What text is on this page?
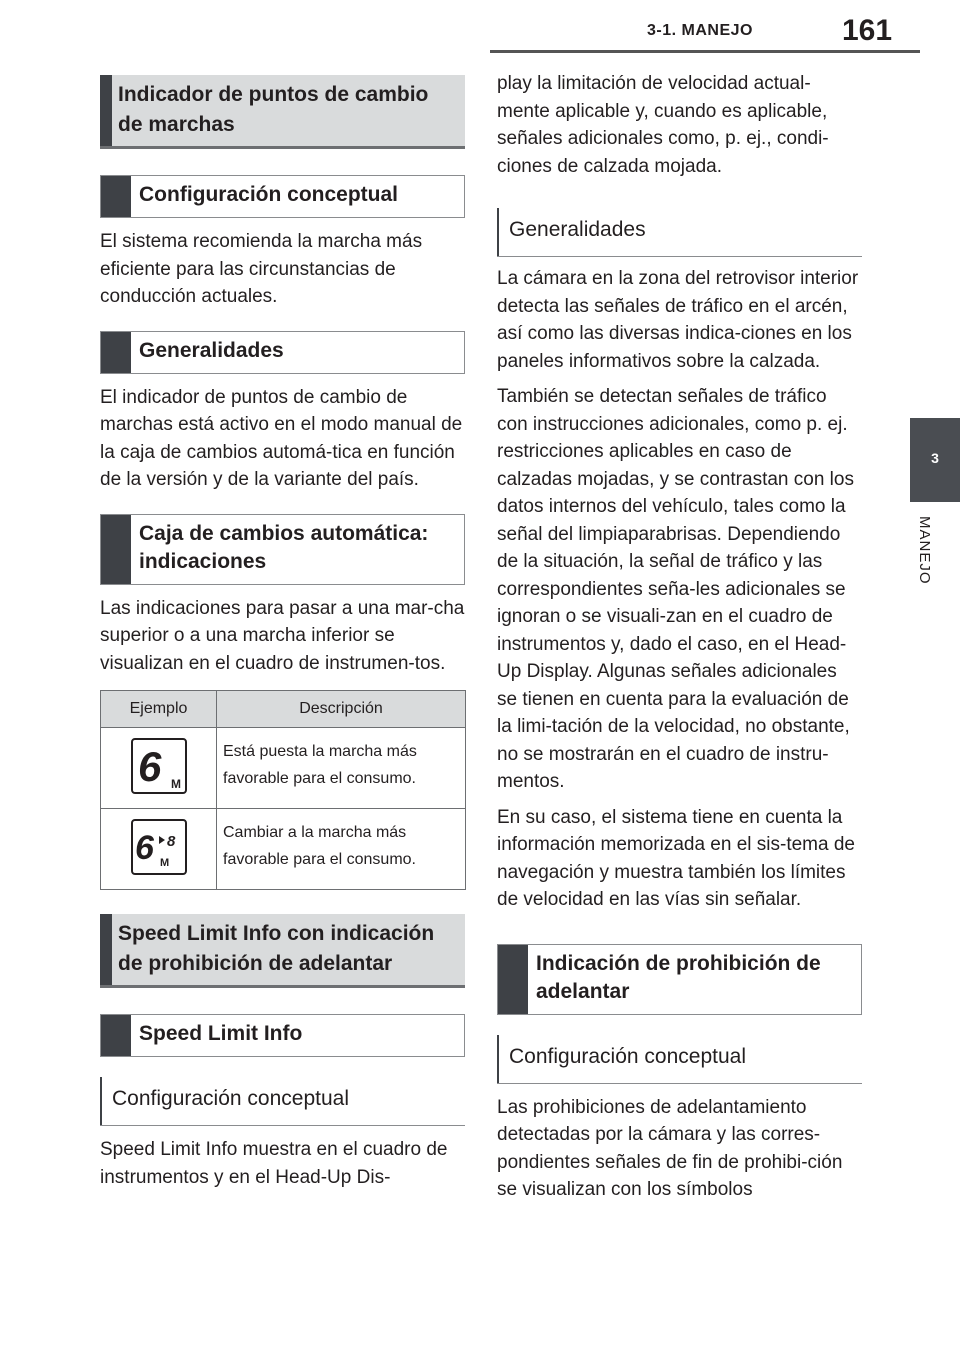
3-1. MANEJO	161
3
MANEJO
Indicador de puntos de cambio de marchas
Configuración conceptual

El sistema recomienda la marcha más eficiente para las circunstancias de conducción actuales.

Generalidades

El indicador de puntos de cambio de marchas está activo en el modo manual de la caja de cambios automá-tica en función de la versión y de la variante del país.

Caja de cambios automática: indicaciones

Las indicaciones para pasar a una mar-cha superior o a una marcha inferior se visualizan en el cuadro de instrumen-tos.

Ejemplo	Descripción

6 M	Está puesta la marcha más favorable para el consumo.

6 8
M	Cambiar a la marcha más favorable para el consumo.
Speed Limit Info con indicación de prohibición de adelantar
Speed Limit Info
Configuración conceptual

Speed Limit Info muestra en el cuadro de instrumentos y en el Head-Up Dis-

play la limitación de velocidad actual-mente aplicable y, cuando es aplicable, señales adicionales como, p. ej., condi-ciones de calzada mojada.

Generalidades

La cámara en la zona del retrovisor interior detecta las señales de tráfico en el arcén, así como las diversas indica-ciones en los paneles informativos sobre la calzada.

También se detectan señales de tráfico con instrucciones adicionales, como p. ej. restricciones aplicables en caso de calzadas mojadas, y se contrastan con los datos internos del vehículo, tales como la señal del limpiaparabrisas. Dependiendo de la situación, la señal de tráfico y las correspondientes seña-les adicionales se ignoran o se visuali-zan en el cuadro de instrumentos y, dado el caso, en el Head-Up Display. Algunas señales adicionales se tienen en cuenta para la evaluación de la limi-tación de la velocidad, no obstante, no se mostrarán en el cuadro de instru-mentos.

En su caso, el sistema tiene en cuenta la información memorizada en el sis-tema de navegación y muestra también los límites de velocidad en las vías sin señalar.

Indicación de prohibición de adelantar
Configuración conceptual

Las prohibiciones de adelantamiento detectadas por la cámara y las corres-pondientes señales de fin de prohibi-ción se visualizan con los símbolos
